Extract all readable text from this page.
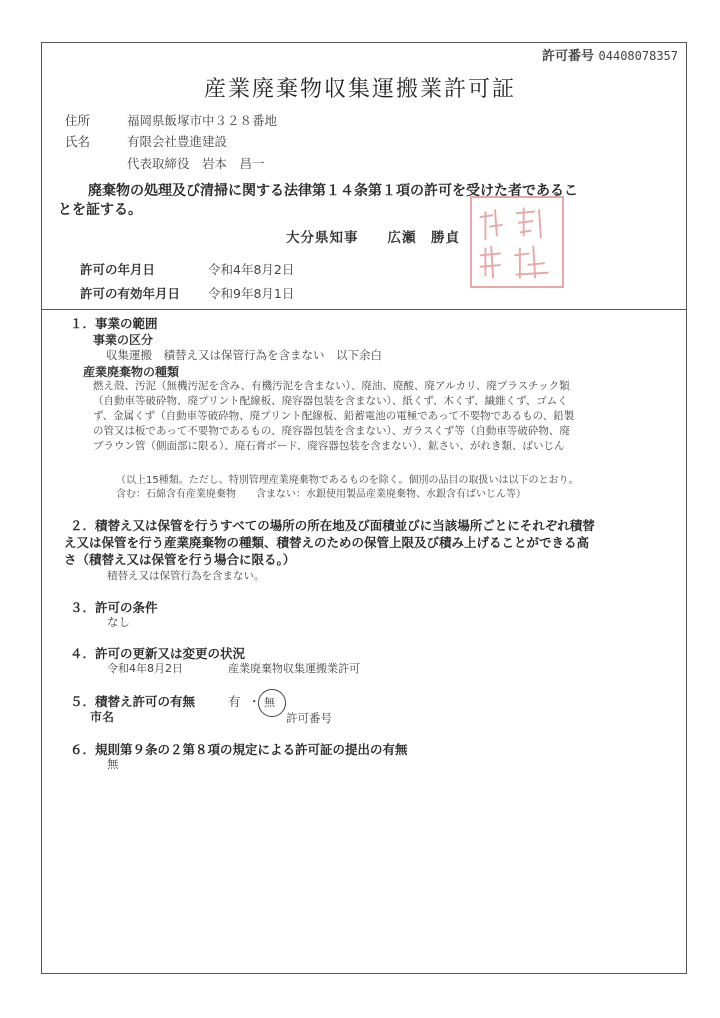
許可番号 04408078357
産業廃棄物収集運搬業許可証
住所	福岡県飯塚市中３２８番地
氏名	有限会社豊進建設
代表取締役　岩本　昌一
廃棄物の処理及び清掃に関する法律第１４条第１項の許可を受けた者であるこ
とを証する。
大分県知事　　広瀬　勝貞
許可の年月日	令和4年8月2日
許可の有効年月日 令和9年8月1日
１．事業の範囲
事業の区分
収集運搬　積替え又は保管行為を含まない　以下余白
産業廃棄物の種類
燃え殻、汚泥（無機汚泥を含み、有機汚泥を含まない）、廃油、廃酸、廃アルカリ、廃プラスチック類
（自動車等破砕物、廃プリント配線板、廃容器包装を含まない）、紙くず、木くず、繊維くず、ゴムく
ず、金属くず（自動車等破砕物、廃プリント配線板、鉛蓄電池の電極であって不要物であるもの、鉛製
の管又は板であって不要物であるもの、廃容器包装を含まない）、ガラスくず等（自動車等破砕物、廃
ブラウン管（側面部に限る）、廃石膏ボード、廃容器包装を含まない）、鉱さい、がれき類、ばいじん
（以上15種類。ただし、特別管理産業廃棄物であるものを除く。個別の品目の取扱いは以下のとおり。
含む：石綿含有産業廃棄物　　含まない：水銀使用製品産業廃棄物、水銀含有ばいじん等）
２．積替え又は保管を行うすべての場所の所在地及び面積並びに当該場所ごとにそれぞれ積替
え又は保管を行う産業廃棄物の種類、積替えのための保管上限及び積み上げることができる高
さ（積替え又は保管を行う場合に限る。）
積替え又は保管行為を含まない。
３．許可の条件
なし
４．許可の更新又は変更の状況
令和4年8月2日	産業廃棄物収集運搬業許可
５．積替え許可の有無	有 ・ 無
市名	許可番号
６．規則第９条の２第８項の規定による許可証の提出の有無
無
